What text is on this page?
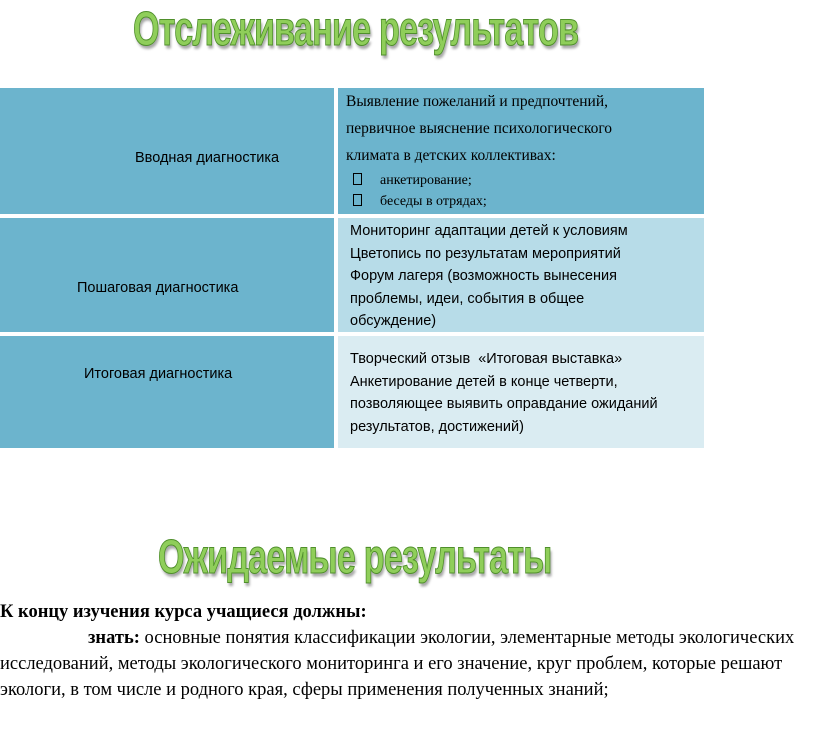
Отслеживание результатов
Вводная диагностика
Выявление пожеланий и предпочтений,
первичное выяснение психологического
климата в детских коллективах:
анкетирование;
беседы в отрядах;
Пошаговая диагностика
Мониторинг адаптации детей к условиям
Цветопись по результатам мероприятий
Форум лагеря (возможность вынесения
проблемы, идеи, события в общее
обсуждение)
Итоговая диагностика
Творческий отзыв  «Итоговая выставка»
Анкетирование детей в конце четверти,
позволяющее выявить оправдание ожиданий
результатов, достижений)
Ожидаемые результаты

К концу изучения курса учащиеся должны:

знать: основные понятия классификации экологии, элементарные методы экологических исследований, методы экологического мониторинга и его значение, круг проблем, которые решают экологи, в том числе и родного края, сферы применения полученных знаний;
